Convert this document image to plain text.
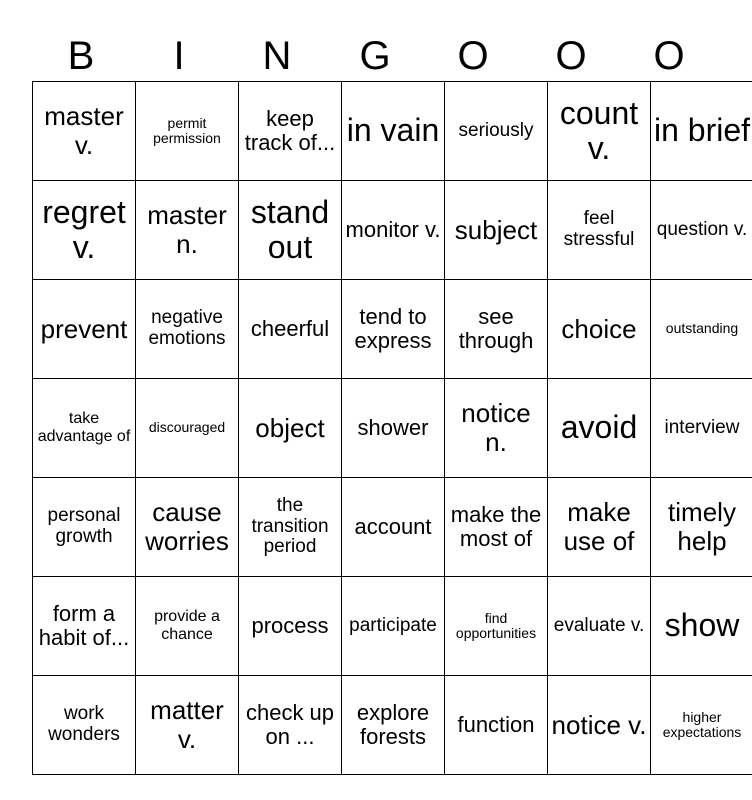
B	I	N	G	O	O	O
master v.	permit permission	keep track of...	in vain	seriously	count v.	in brief
regret v.	master n.	stand out	monitor v.	subject	feel stressful	question v.
prevent	negative emotions	cheerful	tend to express	see through	choice	outstanding
take advantage of	discouraged	object	shower	notice n.	avoid	interview
personal growth	cause worries	the transition period	account	make the most of	make use of	timely help
form a habit of...	provide a chance	process	participate	find opportunities	evaluate v.	show
work wonders	matter v.	check up on ...	explore forests	function	notice v.	higher expectations
